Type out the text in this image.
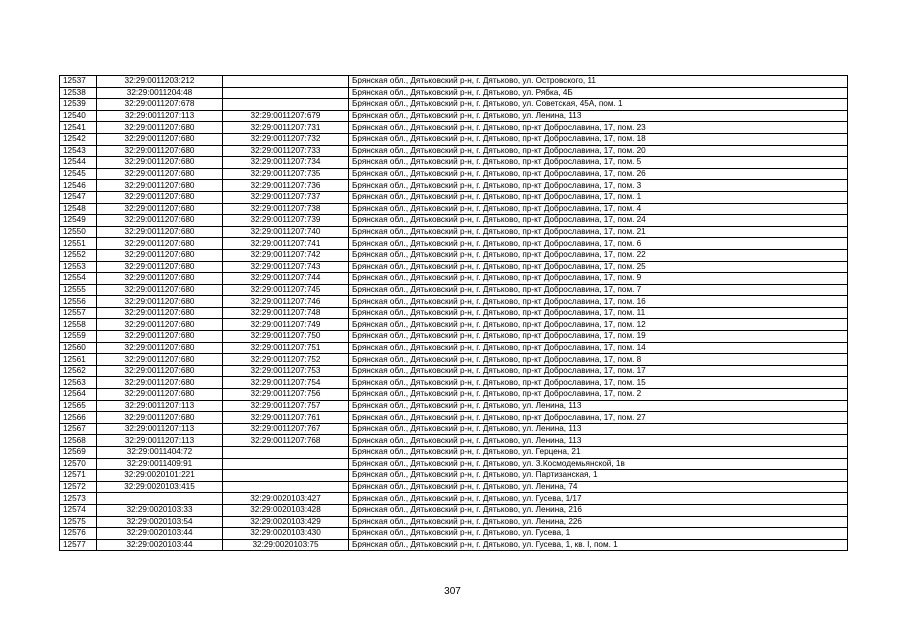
12537	32:29:0011203:212		Брянская обл., Дятьковский р-н, г. Дятьково, ул. Островского, 11
12538	32:29:0011204:48		Брянская обл., Дятьковский р-н, г. Дятьково, ул. Рябка, 4Б
12539	32:29:0011207:678		Брянская обл., Дятьковский р-н, г. Дятьково, ул. Советская, 45А, пом. 1
12540	32:29:0011207:113	32:29:0011207:679	Брянская обл., Дятьковский р-н, г. Дятьково, ул. Ленина, 113
12541	32:29:0011207:680	32:29:0011207:731	Брянская обл., Дятьковский р-н, г. Дятьково, пр-кт Доброславина, 17, пом. 23
12542	32:29:0011207:680	32:29:0011207:732	Брянская обл., Дятьковский р-н, г. Дятьково, пр-кт Доброславина, 17, пом. 18
12543	32:29:0011207:680	32:29:0011207:733	Брянская обл., Дятьковский р-н, г. Дятьково, пр-кт Доброславина, 17, пом. 20
12544	32:29:0011207:680	32:29:0011207:734	Брянская обл., Дятьковский р-н, г. Дятьково, пр-кт Доброславина, 17, пом. 5
12545	32:29:0011207:680	32:29:0011207:735	Брянская обл., Дятьковский р-н, г. Дятьково, пр-кт Доброславина, 17, пом. 26
12546	32:29:0011207:680	32:29:0011207:736	Брянская обл., Дятьковский р-н, г. Дятьково, пр-кт Доброславина, 17, пом. 3
12547	32:29:0011207:680	32:29:0011207:737	Брянская обл., Дятьковский р-н, г. Дятьково, пр-кт Доброславина, 17, пом. 1
12548	32:29:0011207:680	32:29:0011207:738	Брянская обл., Дятьковский р-н, г. Дятьково, пр-кт Доброславина, 17, пом. 4
12549	32:29:0011207:680	32:29:0011207:739	Брянская обл., Дятьковский р-н, г. Дятьково, пр-кт Доброславина, 17, пом. 24
12550	32:29:0011207:680	32:29:0011207:740	Брянская обл., Дятьковский р-н, г. Дятьково, пр-кт Доброславина, 17, пом. 21
12551	32:29:0011207:680	32:29:0011207:741	Брянская обл., Дятьковский р-н, г. Дятьково, пр-кт Доброславина, 17, пом. 6
12552	32:29:0011207:680	32:29:0011207:742	Брянская обл., Дятьковский р-н, г. Дятьково, пр-кт Доброславина, 17, пом. 22
12553	32:29:0011207:680	32:29:0011207:743	Брянская обл., Дятьковский р-н, г. Дятьково, пр-кт Доброславина, 17, пом. 25
12554	32:29:0011207:680	32:29:0011207:744	Брянская обл., Дятьковский р-н, г. Дятьково, пр-кт Доброславина, 17, пом. 9
12555	32:29:0011207:680	32:29:0011207:745	Брянская обл., Дятьковский р-н, г. Дятьково, пр-кт Доброславина, 17, пом. 7
12556	32:29:0011207:680	32:29:0011207:746	Брянская обл., Дятьковский р-н, г. Дятьково, пр-кт Доброславина, 17, пом. 16
12557	32:29:0011207:680	32:29:0011207:748	Брянская обл., Дятьковский р-н, г. Дятьково, пр-кт Доброславина, 17, пом. 11
12558	32:29:0011207:680	32:29:0011207:749	Брянская обл., Дятьковский р-н, г. Дятьково, пр-кт Доброславина, 17, пом. 12
12559	32:29:0011207:680	32:29:0011207:750	Брянская обл., Дятьковский р-н, г. Дятьково, пр-кт Доброславина, 17, пом. 19
12560	32:29:0011207:680	32:29:0011207:751	Брянская обл., Дятьковский р-н, г. Дятьково, пр-кт Доброславина, 17, пом. 14
12561	32:29:0011207:680	32:29:0011207:752	Брянская обл., Дятьковский р-н, г. Дятьково, пр-кт Доброславина, 17, пом. 8
12562	32:29:0011207:680	32:29:0011207:753	Брянская обл., Дятьковский р-н, г. Дятьково, пр-кт Доброславина, 17, пом. 17
12563	32:29:0011207:680	32:29:0011207:754	Брянская обл., Дятьковский р-н, г. Дятьково, пр-кт Доброславина, 17, пом. 15
12564	32:29:0011207:680	32:29:0011207:756	Брянская обл., Дятьковский р-н, г. Дятьково, пр-кт Доброславина, 17, пом. 2
12565	32:29:0011207:113	32:29:0011207:757	Брянская обл., Дятьковский р-н, г. Дятьково, ул. Ленина, 113
12566	32:29:0011207:680	32:29:0011207:761	Брянская обл., Дятьковский р-н, г. Дятьково, пр-кт Доброславина, 17, пом. 27
12567	32:29:0011207:113	32:29:0011207:767	Брянская обл., Дятьковский р-н, г. Дятьково, ул. Ленина, 113
12568	32:29:0011207:113	32:29:0011207:768	Брянская обл., Дятьковский р-н, г. Дятьково, ул. Ленина, 113
12569	32:29:0011404:72		Брянская обл., Дятьковский р-н, г. Дятьково, ул. Герцена, 21
12570	32:29:0011409:91		Брянская обл., Дятьковский р-н, г. Дятьково, ул. З.Космодемьянской, 1в
12571	32:29:0020101:221		Брянская обл., Дятьковский р-н, г. Дятьково, ул. Партизанская, 1
12572	32:29:0020103:415		Брянская обл., Дятьковский р-н, г. Дятьково, ул. Ленина, 74
12573		32:29:0020103:427	Брянская обл., Дятьковский р-н, г. Дятьково, ул. Гусева, 1/17
12574	32:29:0020103:33	32:29:0020103:428	Брянская обл., Дятьковский р-н, г. Дятьково, ул. Ленина, 216
12575	32:29:0020103:54	32:29:0020103:429	Брянская обл., Дятьковский р-н, г. Дятьково, ул. Ленина, 226
12576	32:29:0020103:44	32:29:0020103:430	Брянская обл., Дятьковский р-н, г. Дятьково, ул. Гусева, 1
12577	32:29:0020103:44	32:29:0020103:75	Брянская обл., Дятьковский р-н, г. Дятьково, ул. Гусева, 1, кв. I, пом. 1
307
